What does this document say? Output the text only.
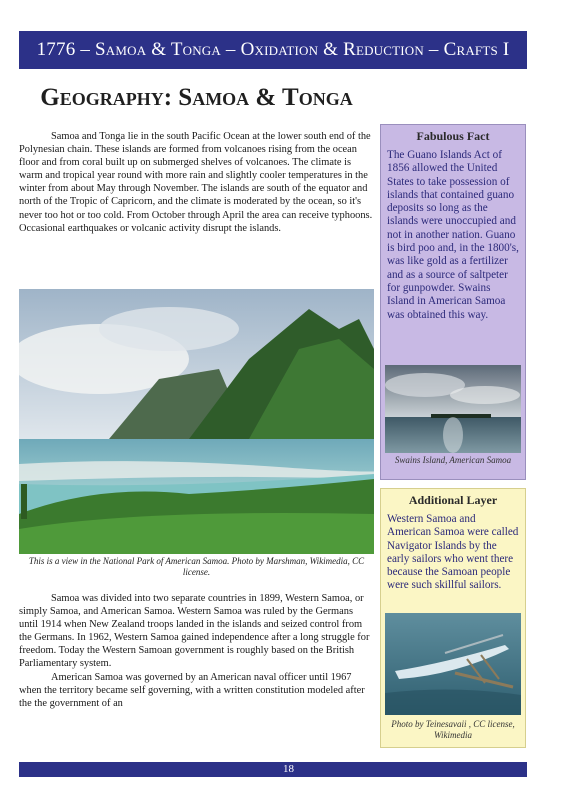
1776 – Samoa & Tonga – Oxidation & Reduction – Crafts I
Geography: Samoa & Tonga

Samoa and Tonga lie in the south Pacific Ocean at the lower south end of the Polynesian chain. These islands are formed from volcanoes rising from the ocean floor and from coral built up on submerged shelves of volcanoes. The climate is warm and tropical year round with more rain and slightly cooler temperatures in the winter from about May through November. The islands are south of the equator and north of the Tropic of Capricorn, and the climate is moderated by the ocean, so it's never too hot or too cold. From October through April the area can receive typhoons. Occasional earthquakes or volcanic activity disrupt the islands.

This is a view in the National Park of American Samoa. Photo by Marshman, Wikimedia, CC license.

Samoa was divided into two separate countries in 1899, Western Samoa, or simply Samoa, and American Samoa. Western Samoa was ruled by the Germans until 1914 when New Zealand troops landed in the islands and seized control from the Germans. In 1962, Western Samoa gained independence after a long struggle for freedom. Today the Western Samoan government is roughly based on the British Parliamentary system.

American Samoa was governed by an American naval officer until 1967 when the territory became self governing, with a written constitution modeled after the the government of an

Fabulous Fact
The Guano Islands Act of 1856 allowed the United States to take possession of islands that contained guano deposits so long as the islands were unoccupied and not in another nation. Guano is bird poo and, in the 1800's, was like gold as a fertilizer and as a source of saltpeter for gunpowder. Swains Island in American Samoa was obtained this way.
Swains Island, American Samoa
Additional Layer
Western Samoa and American Samoa were called Navigator Islands by the early sailors who went there because the Samoan people were such skillful sailors.
Photo by Teinesavaii , CC license, Wikimedia
18
